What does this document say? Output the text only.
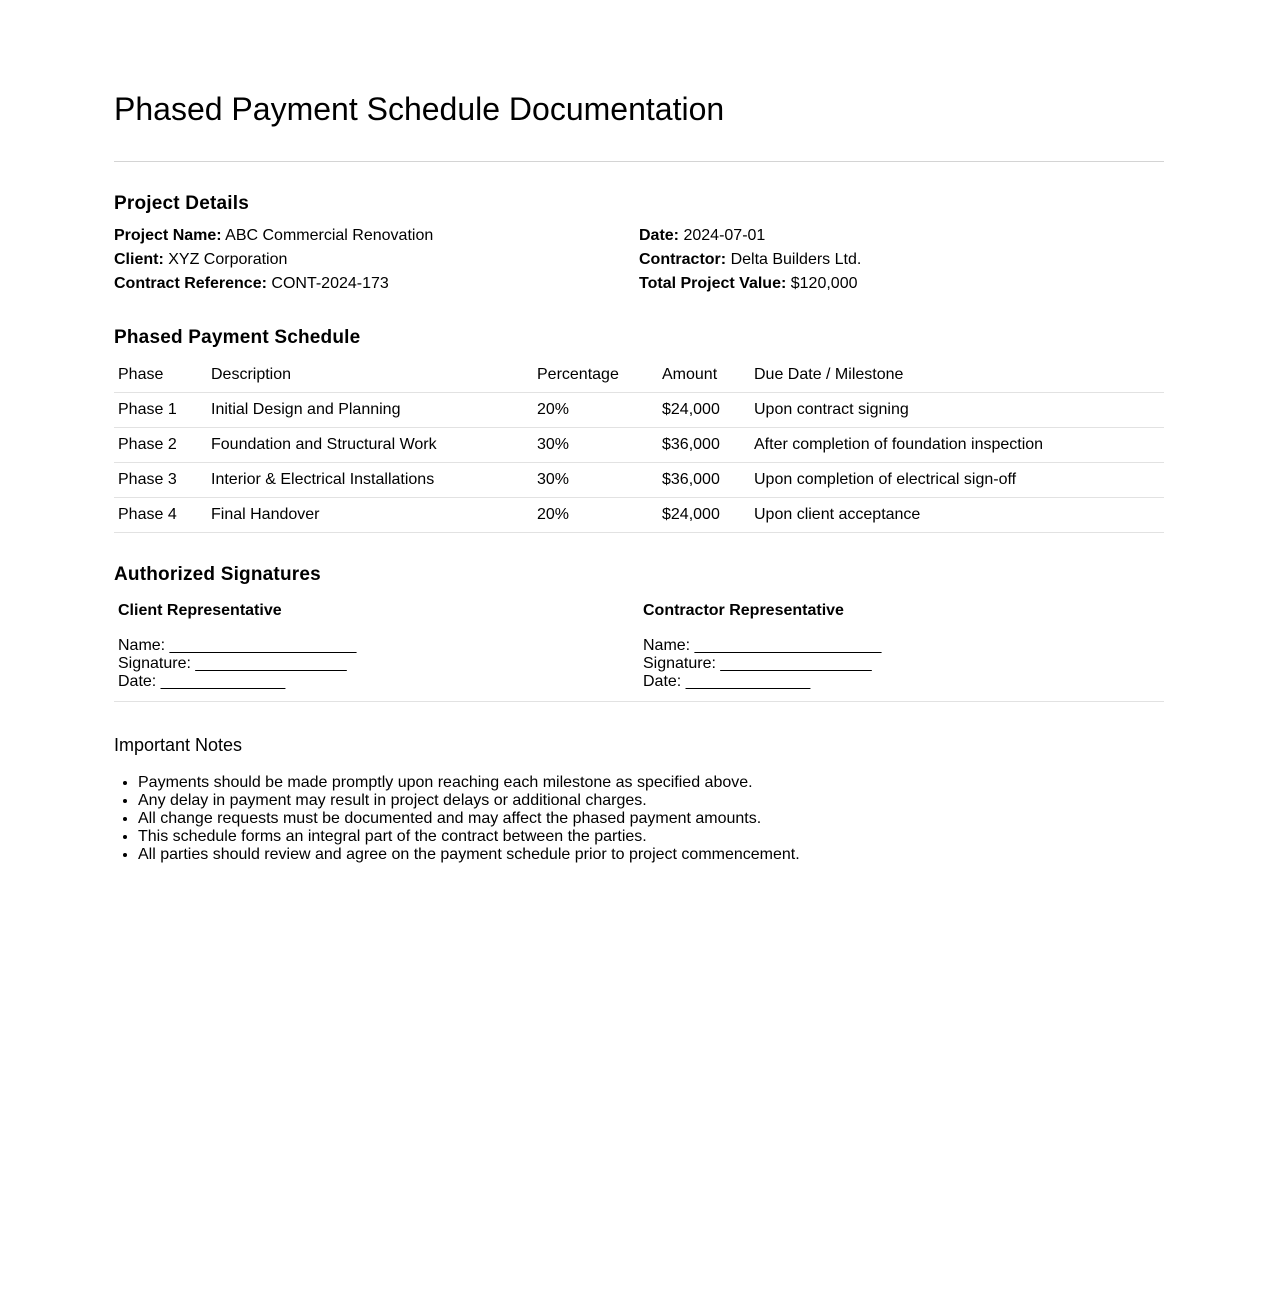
Phased Payment Schedule Documentation
Project Details
Project Name: ABC Commercial Renovation
Client: XYZ Corporation
Contract Reference: CONT-2024-173
Date: 2024-07-01
Contractor: Delta Builders Ltd.
Total Project Value: $120,000
Phased Payment Schedule
Phase	Description	Percentage	Amount	Due Date / Milestone
Phase 1	Initial Design and Planning	20%	$24,000	Upon contract signing
Phase 2	Foundation and Structural Work	30%	$36,000	After completion of foundation inspection
Phase 3	Interior & Electrical Installations	30%	$36,000	Upon completion of electrical sign-off
Phase 4	Final Handover	20%	$24,000	Upon client acceptance
Authorized Signatures
Client Representative
Name: _____________________
Signature: _________________
Date: ______________
Contractor Representative
Name: _____________________
Signature: _________________
Date: ______________
Important Notes
• Payments should be made promptly upon reaching each milestone as specified above.
• Any delay in payment may result in project delays or additional charges.
• All change requests must be documented and may affect the phased payment amounts.
• This schedule forms an integral part of the contract between the parties.
• All parties should review and agree on the payment schedule prior to project commencement.
